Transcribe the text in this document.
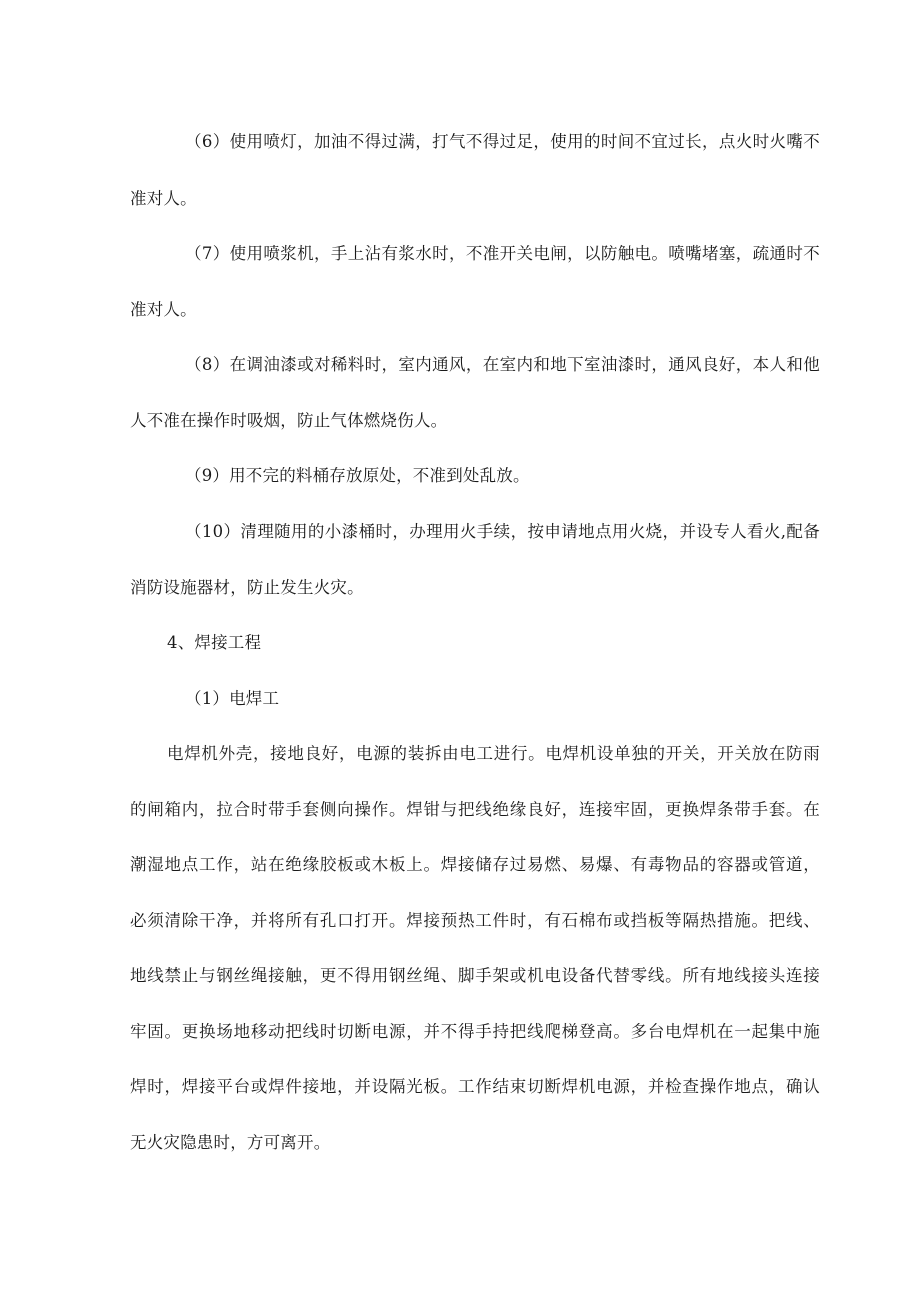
（6）使用喷灯，加油不得过满，打气不得过足，使用的时间不宜过长，点火时火嘴不
准对人。
（7）使用喷浆机，手上沾有浆水时，不准开关电闸，以防触电。喷嘴堵塞，疏通时不
准对人。
（8）在调油漆或对稀料时，室内通风，在室内和地下室油漆时，通风良好，本人和他
人不准在操作时吸烟，防止气体燃烧伤人。
（9）用不完的料桶存放原处，不准到处乱放。
（10）清理随用的小漆桶时，办理用火手续，按申请地点用火烧，并设专人看火,配备
消防设施器材，防止发生火灾。
4、焊接工程
（1）电焊工
电焊机外壳，接地良好，电源的装拆由电工进行。电焊机设单独的开关，开关放在防雨
的闸箱内，拉合时带手套侧向操作。焊钳与把线绝缘良好，连接牢固，更换焊条带手套。在
潮湿地点工作，站在绝缘胶板或木板上。焊接储存过易燃、易爆、有毒物品的容器或管道，
必须清除干净，并将所有孔口打开。焊接预热工件时，有石棉布或挡板等隔热措施。把线、
地线禁止与钢丝绳接触，更不得用钢丝绳、脚手架或机电设备代替零线。所有地线接头连接
牢固。更换场地移动把线时切断电源，并不得手持把线爬梯登高。多台电焊机在一起集中施
焊时，焊接平台或焊件接地，并设隔光板。工作结束切断焊机电源，并检查操作地点，确认
无火灾隐患时，方可离开。
